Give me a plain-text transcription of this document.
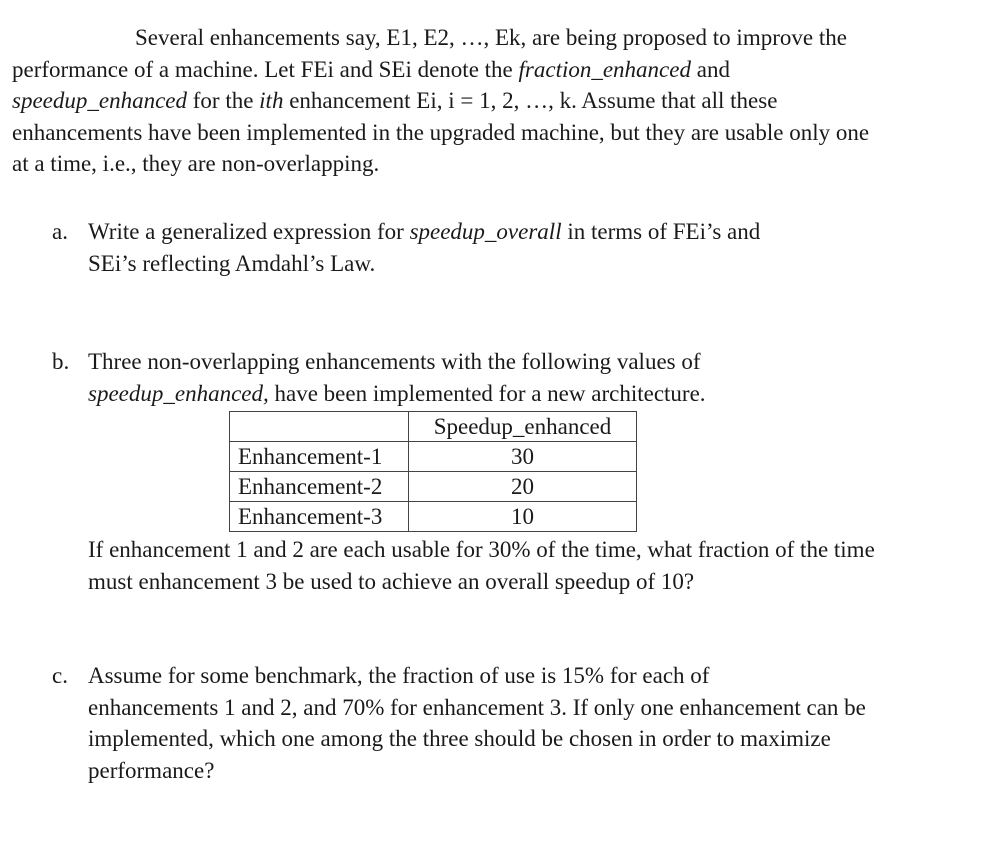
Several enhancements say, E1, E2, …, Ek, are being proposed to improve the
performance of a machine. Let FEi and SEi denote the fraction_enhanced and
speedup_enhanced for the ith enhancement Ei, i = 1, 2, …, k. Assume that all these
enhancements have been implemented in the upgraded machine, but they are usable only one
at a time, i.e., they are non-overlapping.
a. Write a generalized expression for speedup_overall in terms of FEi’s and
SEi’s reflecting Amdahl’s Law.
b. Three non-overlapping enhancements with the following values of
speedup_enhanced, have been implemented for a new architecture.
	Speedup_enhanced
Enhancement-1	30
Enhancement-2	20
Enhancement-3	10
If enhancement 1 and 2 are each usable for 30% of the time, what fraction of the time
must enhancement 3 be used to achieve an overall speedup of 10?
c. Assume for some benchmark, the fraction of use is 15% for each of
enhancements 1 and 2, and 70% for enhancement 3. If only one enhancement can be
implemented, which one among the three should be chosen in order to maximize
performance?
